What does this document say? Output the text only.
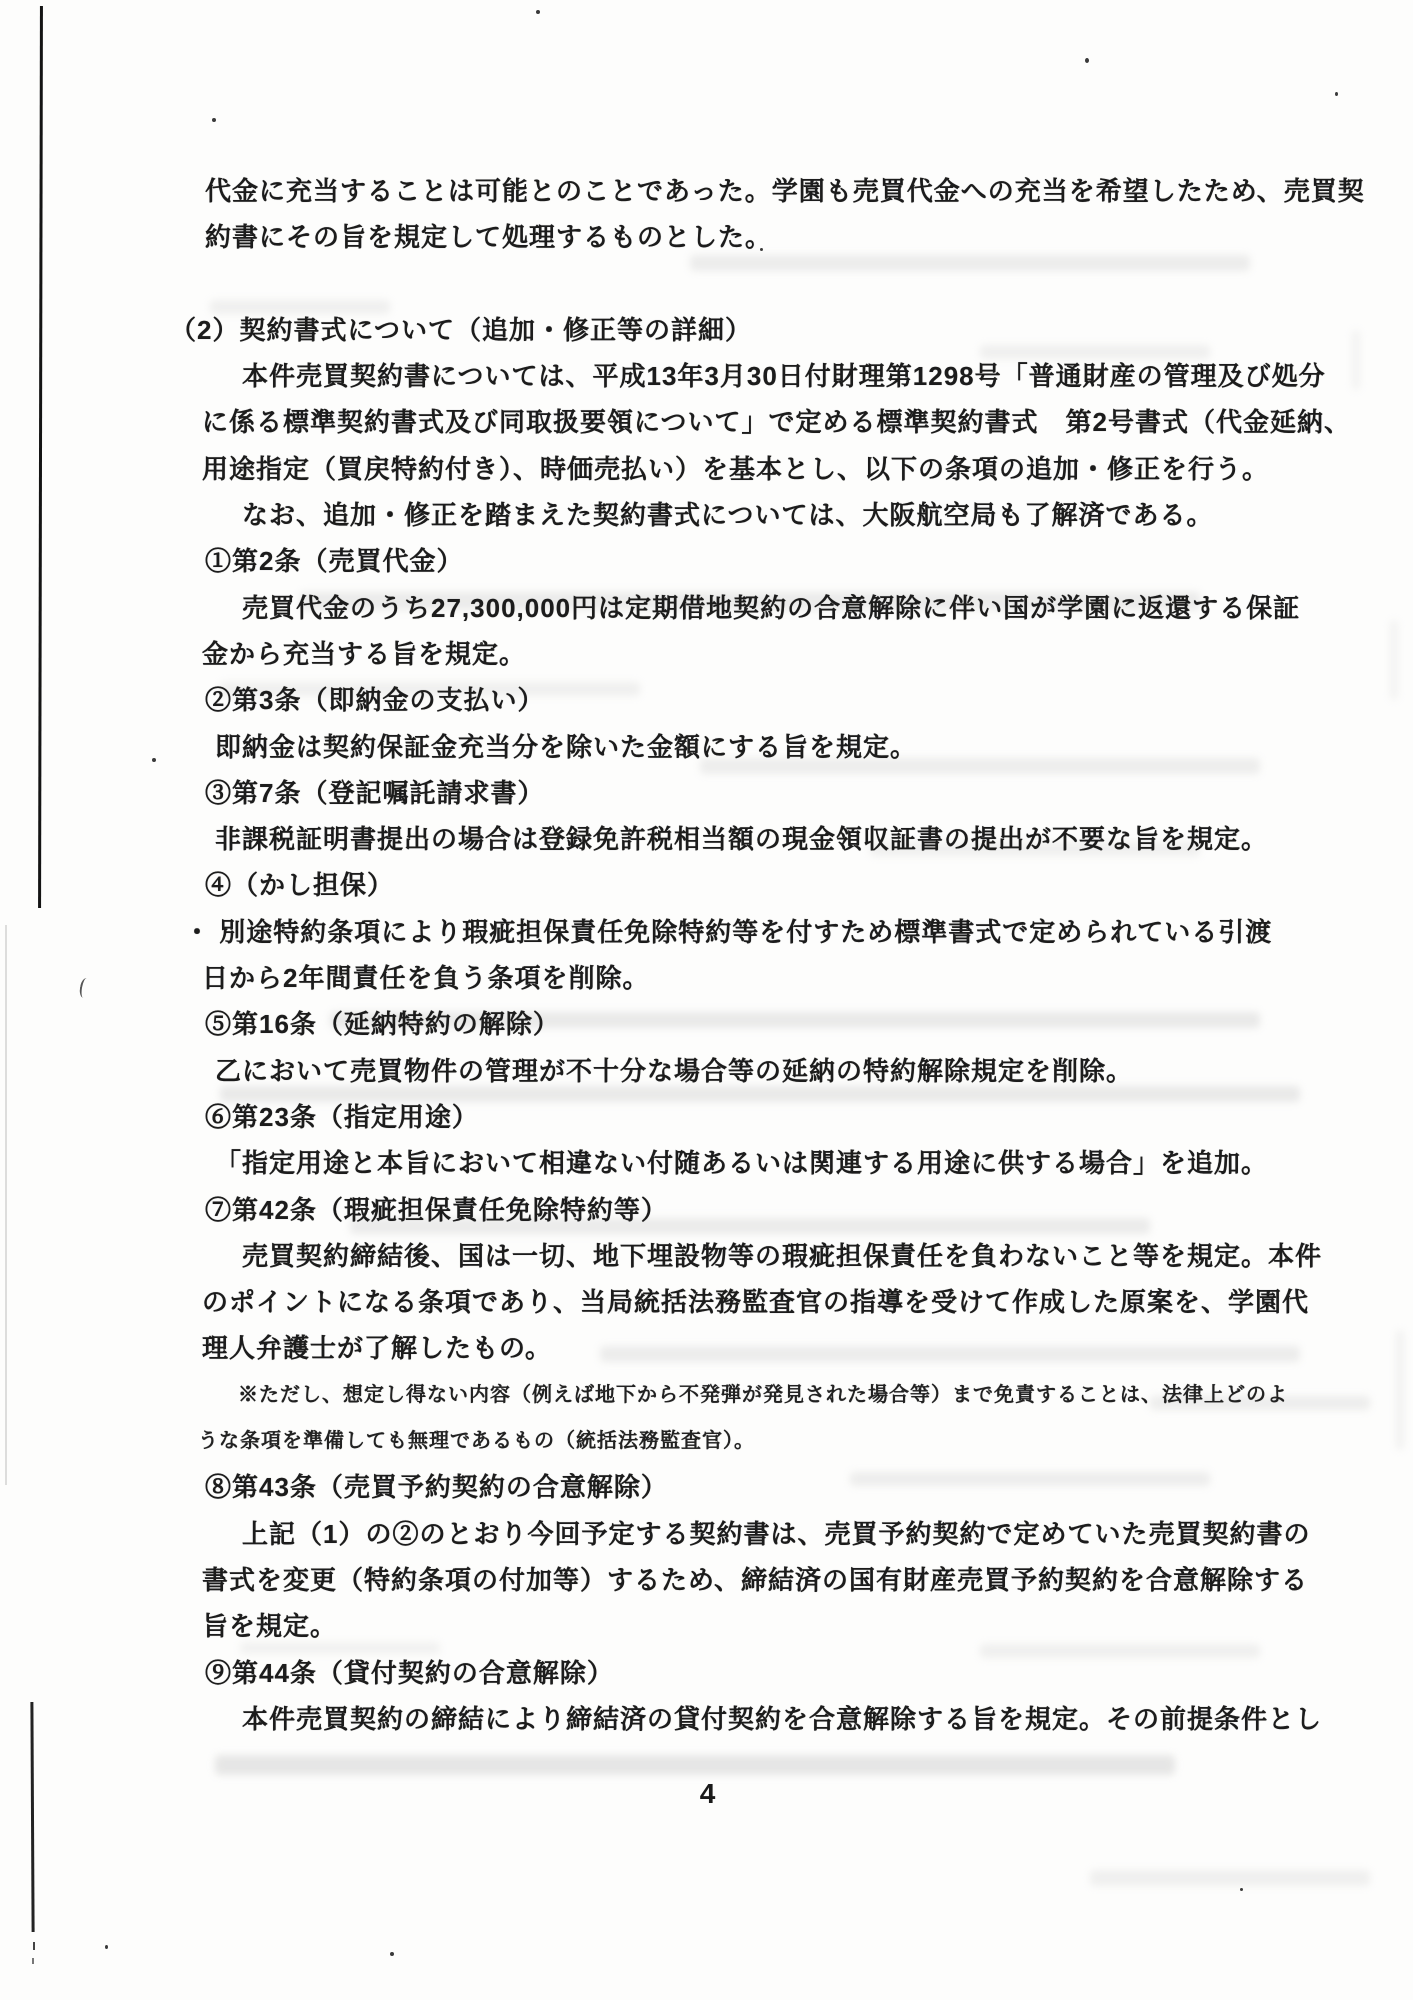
代金に充当することは可能とのことであった。学園も売買代金への充当を希望したため、売買契
約書にその旨を規定して処理するものとした。
（2）契約書式について（追加・修正等の詳細）
本件売買契約書については、平成13年3月30日付財理第1298号「普通財産の管理及び処分
に係る標準契約書式及び同取扱要領について」で定める標準契約書式　第2号書式（代金延納、
用途指定（買戻特約付き）、時価売払い）を基本とし、以下の条項の追加・修正を行う。
なお、追加・修正を踏まえた契約書式については、大阪航空局も了解済である。
①第2条（売買代金）
売買代金のうち27,300,000円は定期借地契約の合意解除に伴い国が学園に返還する保証
金から充当する旨を規定。
②第3条（即納金の支払い）
即納金は契約保証金充当分を除いた金額にする旨を規定。
③第7条（登記嘱託請求書）
非課税証明書提出の場合は登録免許税相当額の現金領収証書の提出が不要な旨を規定。
④（かし担保）
・ 別途特約条項により瑕疵担保責任免除特約等を付すため標準書式で定められている引渡
日から2年間責任を負う条項を削除。
⑤第16条（延納特約の解除）
乙において売買物件の管理が不十分な場合等の延納の特約解除規定を削除。
⑥第23条（指定用途）
「指定用途と本旨において相違ない付随あるいは関連する用途に供する場合」を追加。
⑦第42条（瑕疵担保責任免除特約等）
売買契約締結後、国は一切、地下埋設物等の瑕疵担保責任を負わないこと等を規定。本件
のポイントになる条項であり、当局統括法務監査官の指導を受けて作成した原案を、学園代
理人弁護士が了解したもの。
※ただし、想定し得ない内容（例えば地下から不発弾が発見された場合等）まで免責することは、法律上どのよ
うな条項を準備しても無理であるもの（統括法務監査官）。
⑧第43条（売買予約契約の合意解除）
上記（1）の②のとおり今回予定する契約書は、売買予約契約で定めていた売買契約書の
書式を変更（特約条項の付加等）するため、締結済の国有財産売買予約契約を合意解除する
旨を規定。
⑨第44条（貸付契約の合意解除）
本件売買契約の締結により締結済の貸付契約を合意解除する旨を規定。その前提条件とし
4
